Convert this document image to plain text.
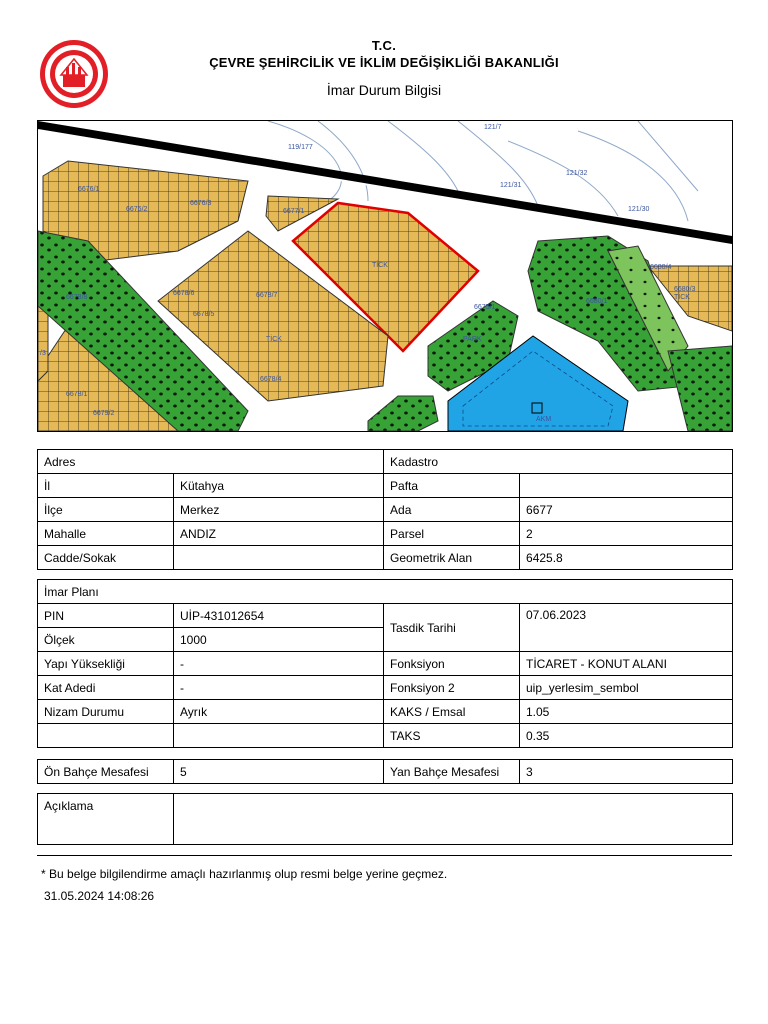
T.C.
ÇEVRE ŞEHİRCİLİK VE İKLİM DEĞİŞİKLİĞİ BAKANLIĞI
İmar Durum Bilgisi
121/7
121/32
121/31
121/30
119/177
6676/1
6676/2
6676/3
6677/1
TİCK
6678/6
6678/5
6678/7
TİCK
6678/4
6678/1
6679/2
6678/8
PARK
6675/1
6680/4
6680/3
TİCK
6680/1
/3
AKM
Adres		Kadastro	
İl	Kütahya	Pafta	
İlçe	Merkez	Ada	6677
Mahalle	ANDIZ	Parsel	2
Cadde/Sokak		Geometrik Alan	6425.8
İmar Planı			
PIN	UİP-431012654	Tasdik Tarihi	07.06.2023
Ölçek	1000		
Yapı Yüksekliği	-	Fonksiyon	TİCARET - KONUT ALANI
Kat Adedi	-	Fonksiyon 2	uip_yerlesim_sembol
Nizam Durumu	Ayrık	KAKS / Emsal	1.05
		TAKS	0.35
Ön Bahçe Mesafesi	5	Yan Bahçe Mesafesi	3
Açıklama	
* Bu belge bilgilendirme amaçlı hazırlanmış olup resmi belge yerine geçmez.
31.05.2024 14:08:26
